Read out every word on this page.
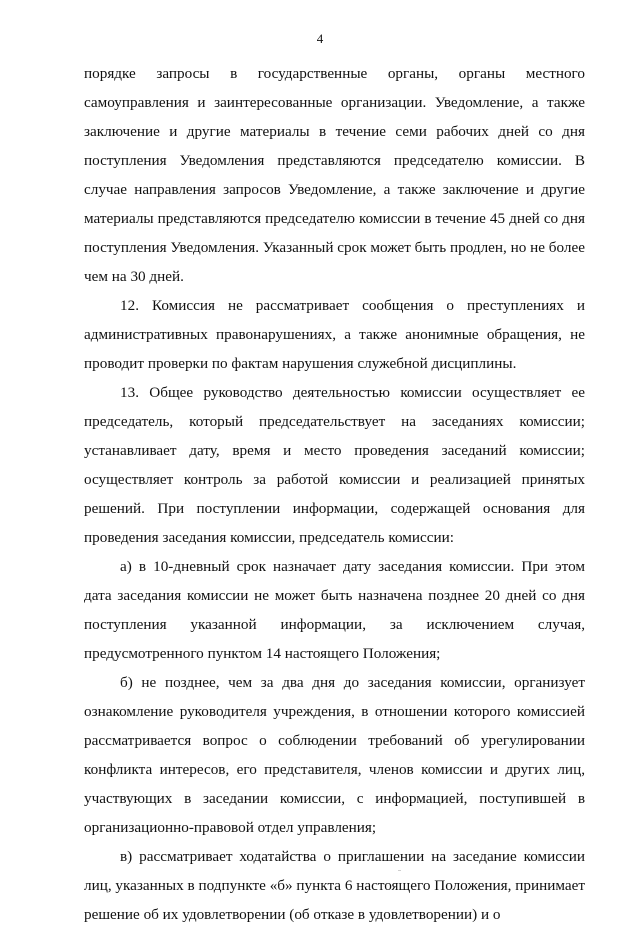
4

порядке запросы в государственные органы, органы местного самоуправления и заинтересованные организации. Уведомление, а также заключение и другие материалы в течение семи рабочих дней со дня поступления Уведомления представляются председателю комиссии. В случае направления запросов Уведомление, а также заключение и другие материалы представляются председателю комиссии в течение 45 дней со дня поступления Уведомления. Указанный срок может быть продлен, но не более чем на 30 дней.

12. Комиссия не рассматривает сообщения о преступлениях и административных правонарушениях, а также анонимные обращения, не проводит проверки по фактам нарушения служебной дисциплины.

13. Общее руководство деятельностью комиссии осуществляет ее председатель, который председательствует на заседаниях комиссии; устанавливает дату, время и место проведения заседаний комиссии; осуществляет контроль за работой комиссии и реализацией принятых решений. При поступлении информации, содержащей основания для проведения заседания комиссии, председатель комиссии:

а) в 10-дневный срок назначает дату заседания комиссии. При этом дата заседания комиссии не может быть назначена позднее 20 дней со дня поступления указанной информации, за исключением случая, предусмотренного пунктом 14 настоящего Положения;

б) не позднее, чем за два дня до заседания комиссии, организует ознакомление руководителя учреждения, в отношении которого комиссией рассматривается вопрос о соблюдении требований об урегулировании конфликта интересов, его представителя, членов комиссии и других лиц, участвующих в заседании комиссии, с информацией, поступившей в организационно-правовой отдел управления;

в) рассматривает ходатайства о приглашении на заседание комиссии лиц, указанных в подпункте «б» пункта 6 настоящего Положения, принимает решение об их удовлетворении (об отказе в удовлетворении) и о
